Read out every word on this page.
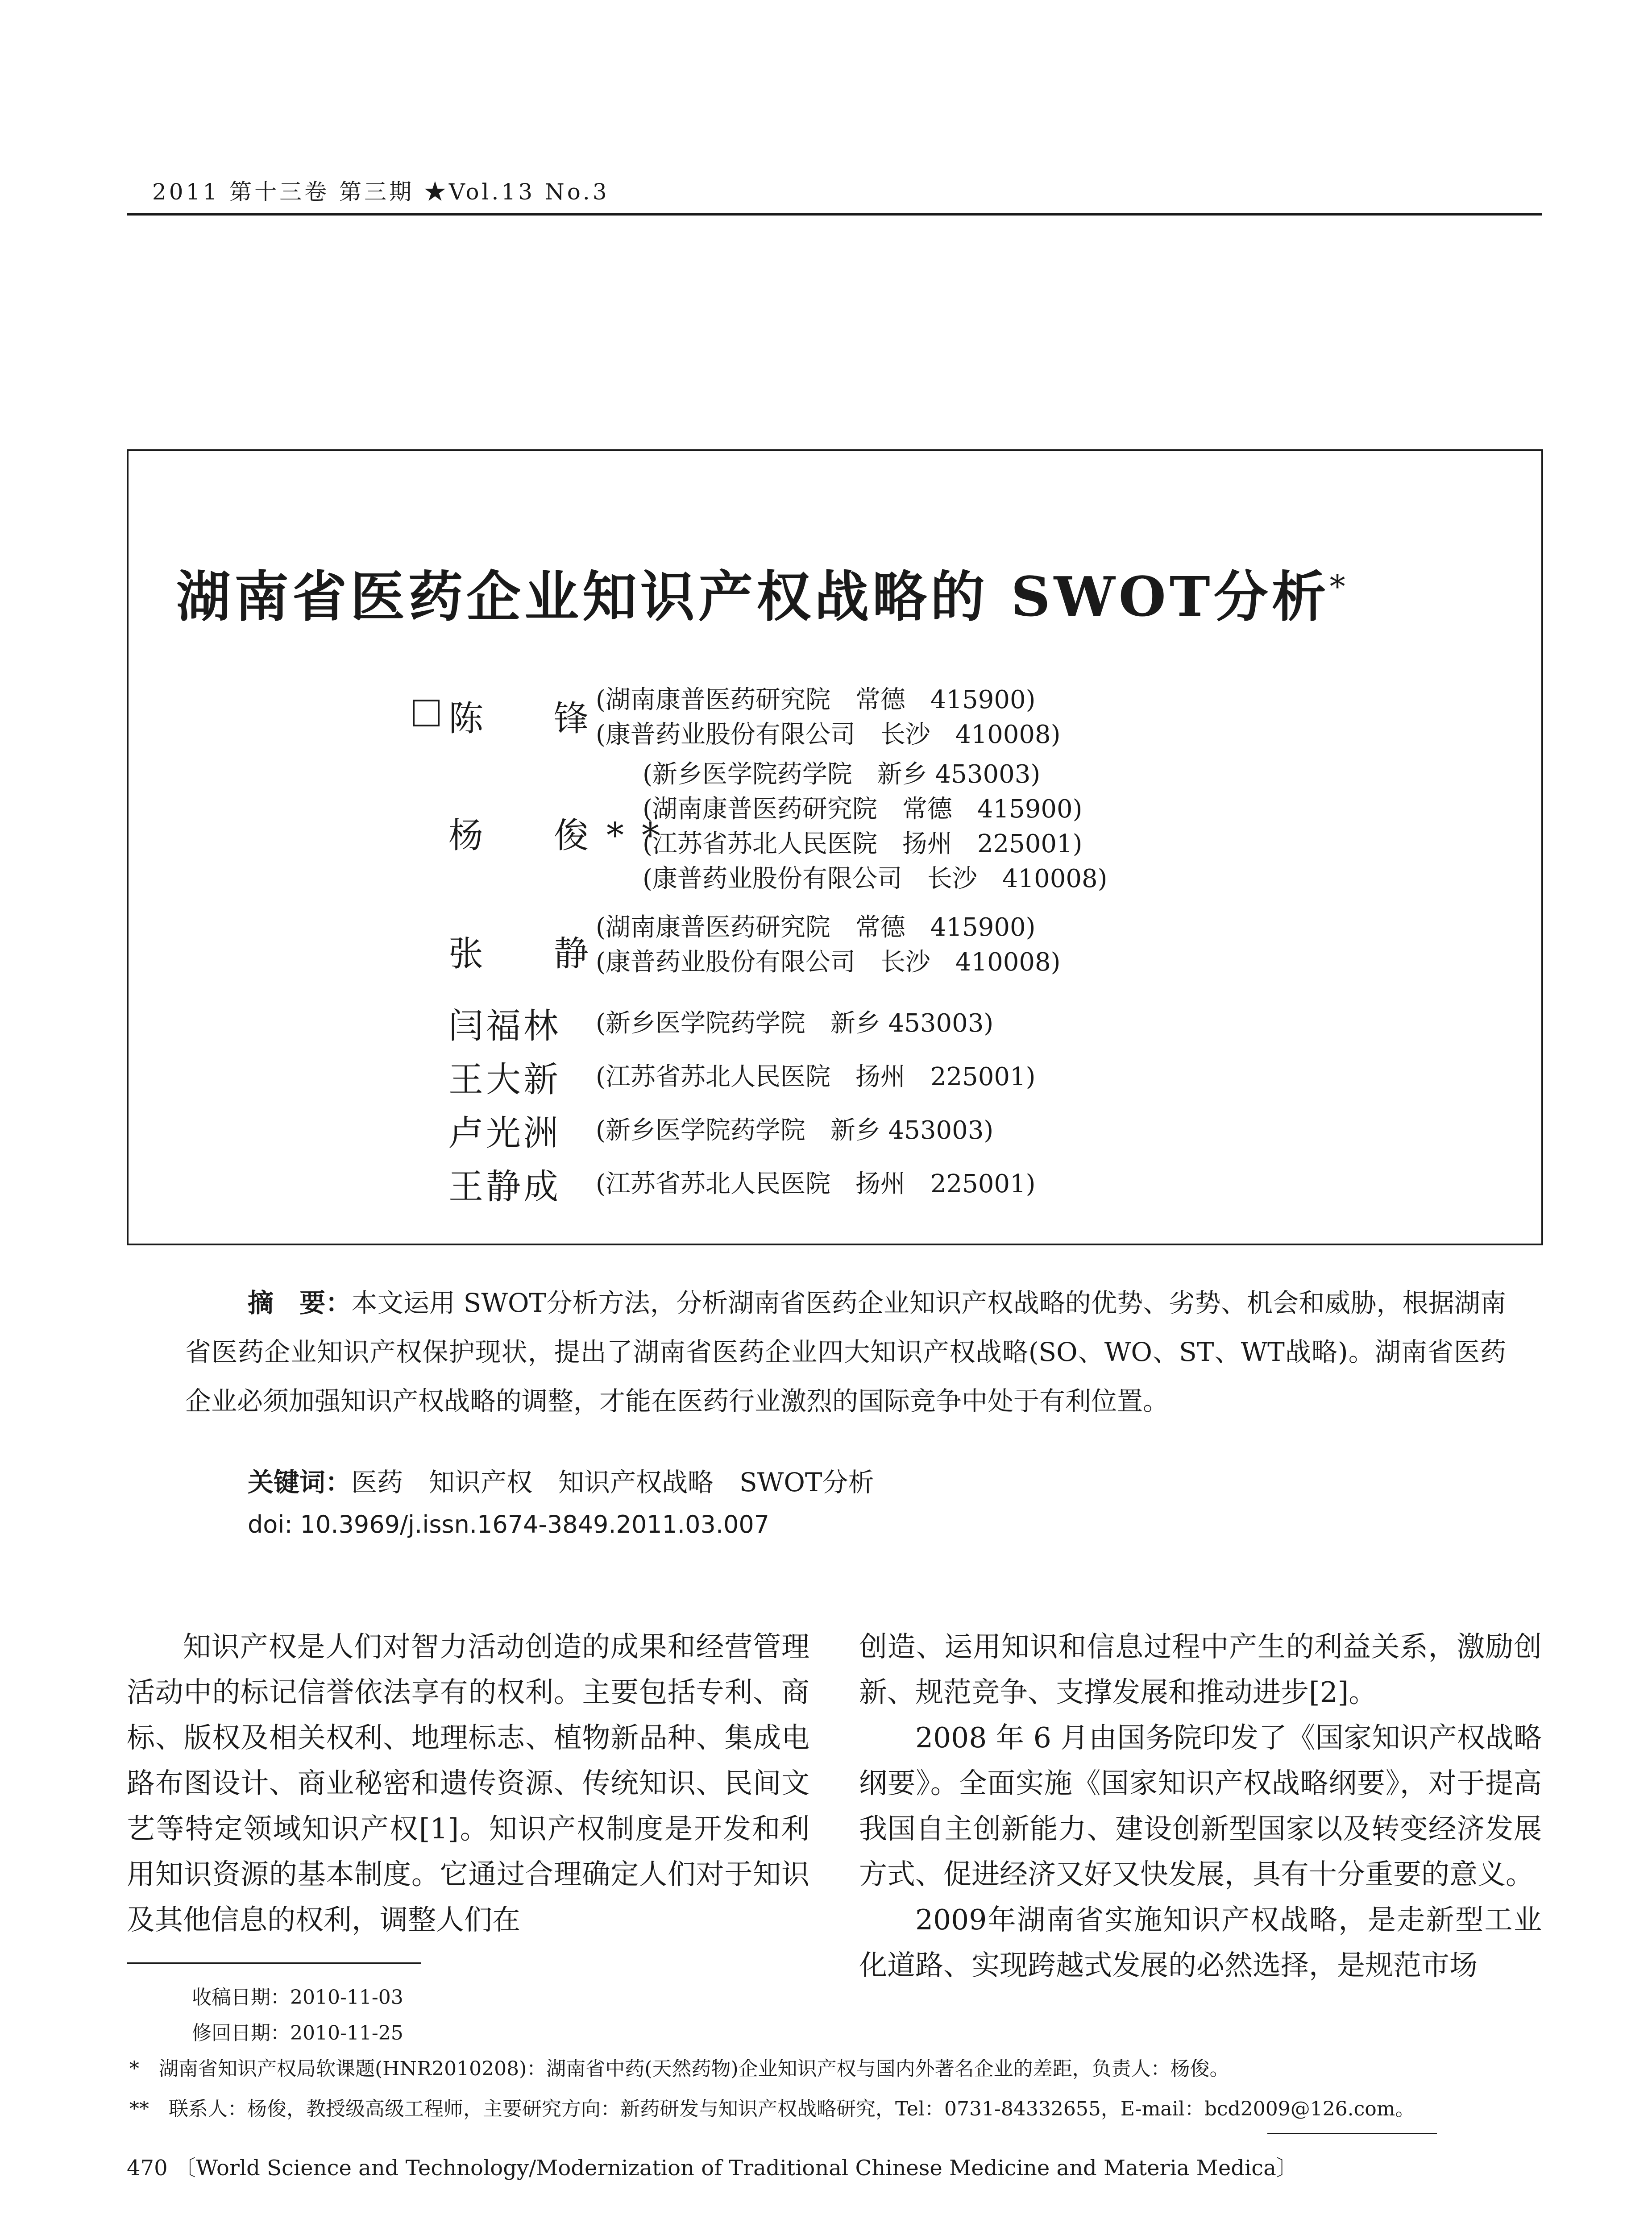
2011 第十三卷 第三期 ★Vol.13 No.3
湖南省医药企业知识产权战略的 SWOT分析*
陈　锋
(湖南康普医药研究院　常德　415900)
(康普药业股份有限公司　长沙　410008)
杨　俊**
(新乡医学院药学院　新乡 453003)
(湖南康普医药研究院　常德　415900)
(江苏省苏北人民医院　扬州　225001)
(康普药业股份有限公司　长沙　410008)
张　静
(湖南康普医药研究院　常德　415900)
(康普药业股份有限公司　长沙　410008)
闫福林 (新乡医学院药学院　新乡 453003)
王大新 (江苏省苏北人民医院　扬州　225001)
卢光洲 (新乡医学院药学院　新乡 453003)
王静成 (江苏省苏北人民医院　扬州　225001)

摘　要：本文运用 SWOT分析方法，分析湖南省医药企业知识产权战略的优势、劣势、机会和威胁，根据湖南省医药企业知识产权保护现状，提出了湖南省医药企业四大知识产权战略(SO、WO、ST、WT战略)。湖南省医药企业必须加强知识产权战略的调整，才能在医药行业激烈的国际竞争中处于有利位置。

关键词：医药　知识产权　知识产权战略　SWOT分析
doi: 10.3969/j.issn.1674-3849.2011.03.007

知识产权是人们对智力活动创造的成果和经营管理活动中的标记信誉依法享有的权利。主要包括专利、商标、版权及相关权利、地理标志、植物新品种、集成电路布图设计、商业秘密和遗传资源、传统知识、民间文艺等特定领域知识产权[1]。知识产权制度是开发和利用知识资源的基本制度。它通过合理确定人们对于知识及其他信息的权利，调整人们在

创造、运用知识和信息过程中产生的利益关系，激励创新、规范竞争、支撑发展和推动进步[2]。

2008 年 6 月由国务院印发了《国家知识产权战略纲要》。全面实施《国家知识产权战略纲要》，对于提高我国自主创新能力、建设创新型国家以及转变经济发展方式、促进经济又好又快发展，具有十分重要的意义。

2009年湖南省实施知识产权战略，是走新型工业化道路、实现跨越式发展的必然选择，是规范市场

收稿日期：2010-11-03
修回日期：2010-11-25
*　湖南省知识产权局软课题(HNR2010208)：湖南省中药(天然药物)企业知识产权与国内外著名企业的差距，负责人：杨俊。
**　联系人：杨俊，教授级高级工程师，主要研究方向：新药研发与知识产权战略研究，Tel：0731-84332655，E-mail：bcd2009@126.com。
470 〔World Science and Technology/Modernization of Traditional Chinese Medicine and Materia Medica〕
